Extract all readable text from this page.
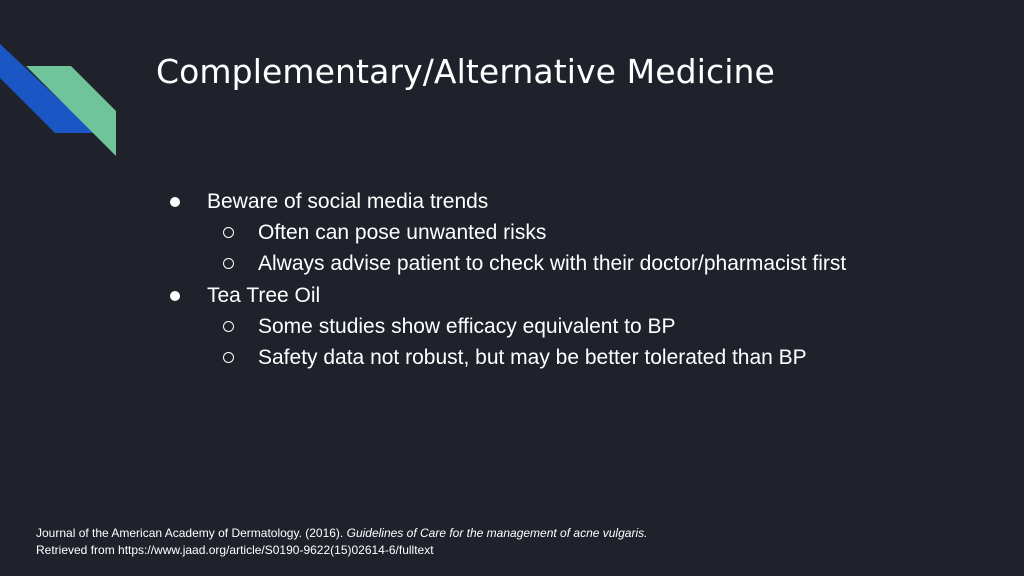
Complementary/Alternative Medicine
Beware of social media trends
Often can pose unwanted risks
Always advise patient to check with their doctor/pharmacist first
Tea Tree Oil
Some studies show efficacy equivalent to BP
Safety data not robust, but may be better tolerated than BP
Journal of the American Academy of Dermatology. (2016). Guidelines of Care for the management of acne vulgaris. Retrieved from https://www.jaad.org/article/S0190-9622(15)02614-6/fulltext
